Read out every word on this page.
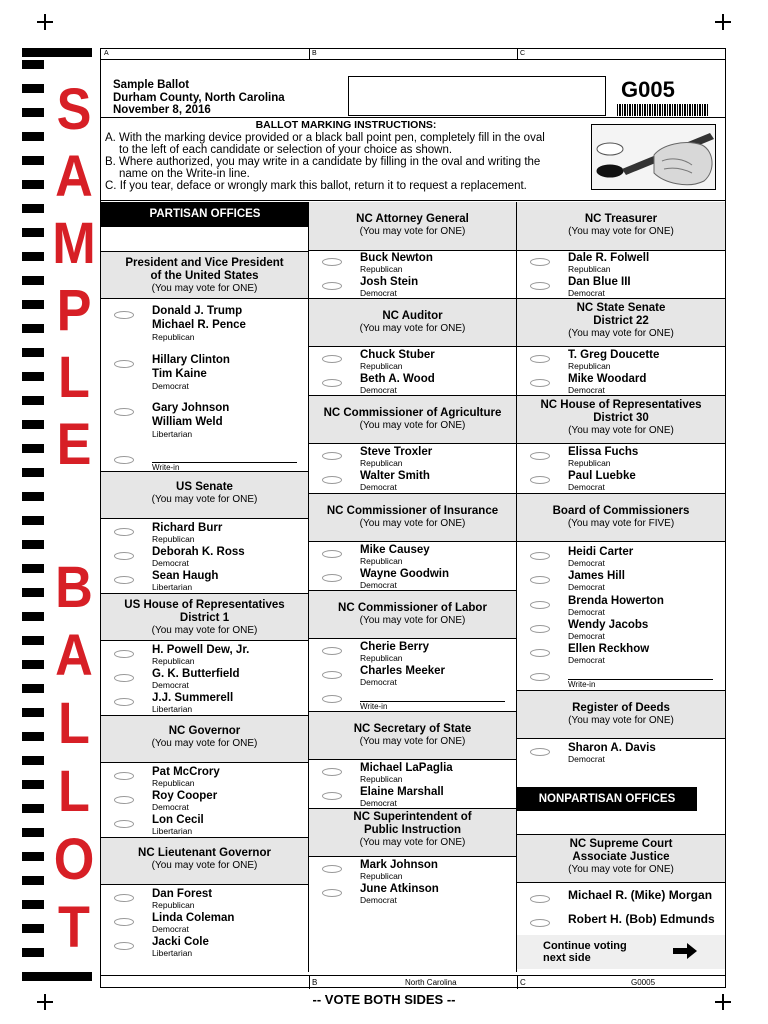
S
A
M
P
L
E
B
A
L
L
O
T
A	B	C
Sample Ballot
Durham County, North Carolina
November 8, 2016
G005
BALLOT MARKING INSTRUCTIONS:
A. With the marking device provided or a black ball point pen, completely fill in the oval
to the left of each candidate or selection of your choice as shown.
B. Where authorized, you may write in a candidate by filling in the oval and writing the
name on the Write-in line.
C. If you tear, deface or wrongly mark this ballot, return it to request a replacement.
PARTISAN OFFICES
President and Vice President
of the United States
(You may vote for ONE)
Donald J. Trump
Michael R. Pence
Republican
Hillary Clinton
Tim Kaine
Democrat
Gary Johnson
William Weld
Libertarian
Write-in
US Senate
(You may vote for ONE)
Richard Burr
Republican
Deborah K. Ross
Democrat
Sean Haugh
Libertarian
US House of Representatives
District 1
(You may vote for ONE)
H. Powell Dew, Jr.
Republican
G. K. Butterfield
Democrat
J.J. Summerell
Libertarian
NC Governor
(You may vote for ONE)
Pat McCrory
Republican
Roy Cooper
Democrat
Lon Cecil
Libertarian
NC Lieutenant Governor
(You may vote for ONE)
Dan Forest
Republican
Linda Coleman
Democrat
Jacki Cole
Libertarian
NC Attorney General
(You may vote for ONE)
Buck Newton
Republican
Josh Stein
Democrat
NC Auditor
(You may vote for ONE)
Chuck Stuber
Republican
Beth A. Wood
Democrat
NC Commissioner of Agriculture
(You may vote for ONE)
Steve Troxler
Republican
Walter Smith
Democrat
NC Commissioner of Insurance
(You may vote for ONE)
Mike Causey
Republican
Wayne Goodwin
Democrat
NC Commissioner of Labor
(You may vote for ONE)
Cherie Berry
Republican
Charles Meeker
Democrat
Write-in
NC Secretary of State
(You may vote for ONE)
Michael LaPaglia
Republican
Elaine Marshall
Democrat
NC Superintendent of
Public Instruction
(You may vote for ONE)
Mark Johnson
Republican
June Atkinson
Democrat
NC Treasurer
(You may vote for ONE)
Dale R. Folwell
Republican
Dan Blue III
Democrat
NC State Senate
District 22
(You may vote for ONE)
T. Greg Doucette
Republican
Mike Woodard
Democrat
NC House of Representatives
District 30
(You may vote for ONE)
Elissa Fuchs
Republican
Paul Luebke
Democrat
Board of Commissioners
(You may vote for FIVE)
Heidi Carter
Democrat
James Hill
Democrat
Brenda Howerton
Democrat
Wendy Jacobs
Democrat
Ellen Reckhow
Democrat
Write-in
Register of Deeds
(You may vote for ONE)
Sharon A. Davis
Democrat
NONPARTISAN OFFICES
NC Supreme Court
Associate Justice
(You may vote for ONE)
Michael R. (Mike) Morgan
Robert H. (Bob) Edmunds
Continue voting
next side
B	North Carolina	C	G0005
-- VOTE BOTH SIDES --
